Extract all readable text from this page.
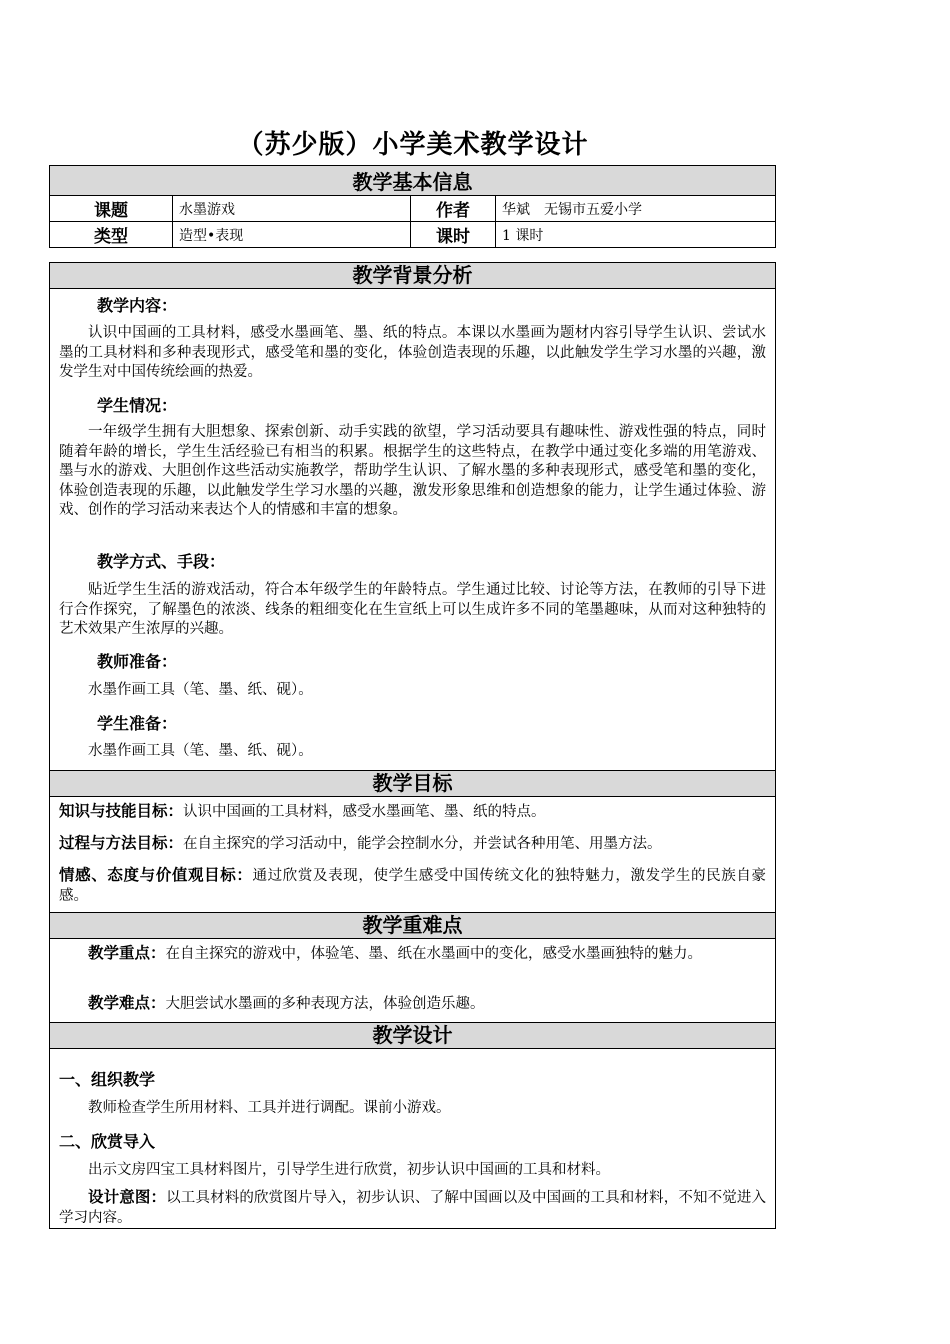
（苏少版）小学美术教学设计
教学基本信息			
课题	水墨游戏	作者	华斌　无锡市五爱小学
类型	造型•表现	课时	1 课时
教学背景分析
教学内容：
认识中国画的工具材料，感受水墨画笔、墨、纸的特点。本课以水墨画为题材内容引导学生认识、尝试水墨的工具材料和多种表现形式，感受笔和墨的变化，体验创造表现的乐趣，以此触发学生学习水墨的兴趣，激发学生对中国传统绘画的热爱。
学生情况：
一年级学生拥有大胆想象、探索创新、动手实践的欲望，学习活动要具有趣味性、游戏性强的特点，同时随着年龄的增长，学生生活经验已有相当的积累。根据学生的这些特点，在教学中通过变化多端的用笔游戏、墨与水的游戏、大胆创作这些活动实施教学，帮助学生认识、了解水墨的多种表现形式，感受笔和墨的变化，体验创造表现的乐趣，以此触发学生学习水墨的兴趣，激发形象思维和创造想象的能力，让学生通过体验、游戏、创作的学习活动来表达个人的情感和丰富的想象。
教学方式、手段：
贴近学生生活的游戏活动，符合本年级学生的年龄特点。学生通过比较、讨论等方法，在教师的引导下进行合作探究，了解墨色的浓淡、线条的粗细变化在生宣纸上可以生成许多不同的笔墨趣味，从而对这种独特的艺术效果产生浓厚的兴趣。
教师准备：
水墨作画工具（笔、墨、纸、砚）。
学生准备：
水墨作画工具（笔、墨、纸、砚）。
教学目标
知识与技能目标：认识中国画的工具材料，感受水墨画笔、墨、纸的特点。
过程与方法目标：在自主探究的学习活动中，能学会控制水分，并尝试各种用笔、用墨方法。
情感、态度与价值观目标：通过欣赏及表现，使学生感受中国传统文化的独特魅力，激发学生的民族自豪感。
教学重难点
教学重点：在自主探究的游戏中，体验笔、墨、纸在水墨画中的变化，感受水墨画独特的魅力。
教学难点：大胆尝试水墨画的多种表现方法，体验创造乐趣。
教学设计
一、组织教学
教师检查学生所用材料、工具并进行调配。课前小游戏。
二、欣赏导入
出示文房四宝工具材料图片，引导学生进行欣赏，初步认识中国画的工具和材料。
设计意图：以工具材料的欣赏图片导入，初步认识、了解中国画以及中国画的工具和材料，不知不觉进入学习内容。
